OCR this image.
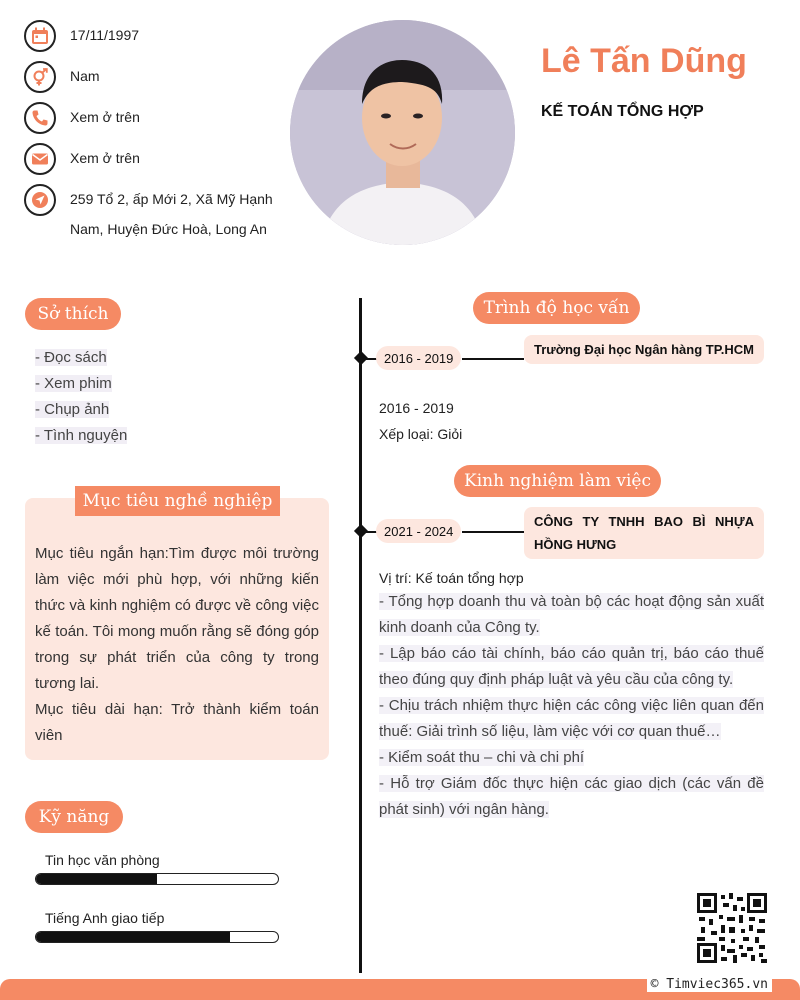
17/11/1997
Nam
Xem ở trên
Xem ở trên
259 Tổ 2, ấp Mới 2, Xã Mỹ Hạnh
Nam, Huyện Đức Hoà, Long An
Lê Tấn Dũng
KẾ TOÁN TỔNG HỢP
Sở thích
- Đọc sách
- Xem phim
- Chụp ảnh
- Tình nguyện
Mục tiêu nghề nghiệp

Mục tiêu ngắn hạn:Tìm được môi trường làm việc mới phù hợp, với những kiến thức và kinh nghiệm có được về công việc kế toán. Tôi mong muốn rằng sẽ đóng góp trong sự phát triển của công ty trong tương lai.

Mục tiêu dài hạn: Trở thành kiểm toán viên

Kỹ năng
Tin học văn phòng
Tiếng Anh giao tiếp
Trình độ học vấn
2016 - 2019
Trường Đại học Ngân hàng TP.HCM
2016 - 2019
Xếp loại: Giỏi
Kinh nghiệm làm việc
2021 - 2024
CÔNG TY TNHH BAO BÌ NHỰA HỒNG HƯNG
Vị trí: Kế toán tổng hợp
- Tổng hợp doanh thu và toàn bộ các hoạt động sản xuất kinh doanh của Công ty.
- Lập báo cáo tài chính, báo cáo quản trị, báo cáo thuế theo đúng quy định pháp luật và yêu cầu của công ty.
- Chịu trách nhiệm thực hiện các công việc liên quan đến thuế: Giải trình số liệu, làm việc với cơ quan thuế…
- Kiểm soát thu – chi và chi phí
- Hỗ trợ Giám đốc thực hiện các giao dịch (các vấn đề phát sinh) với ngân hàng.
© Timviec365.vn
